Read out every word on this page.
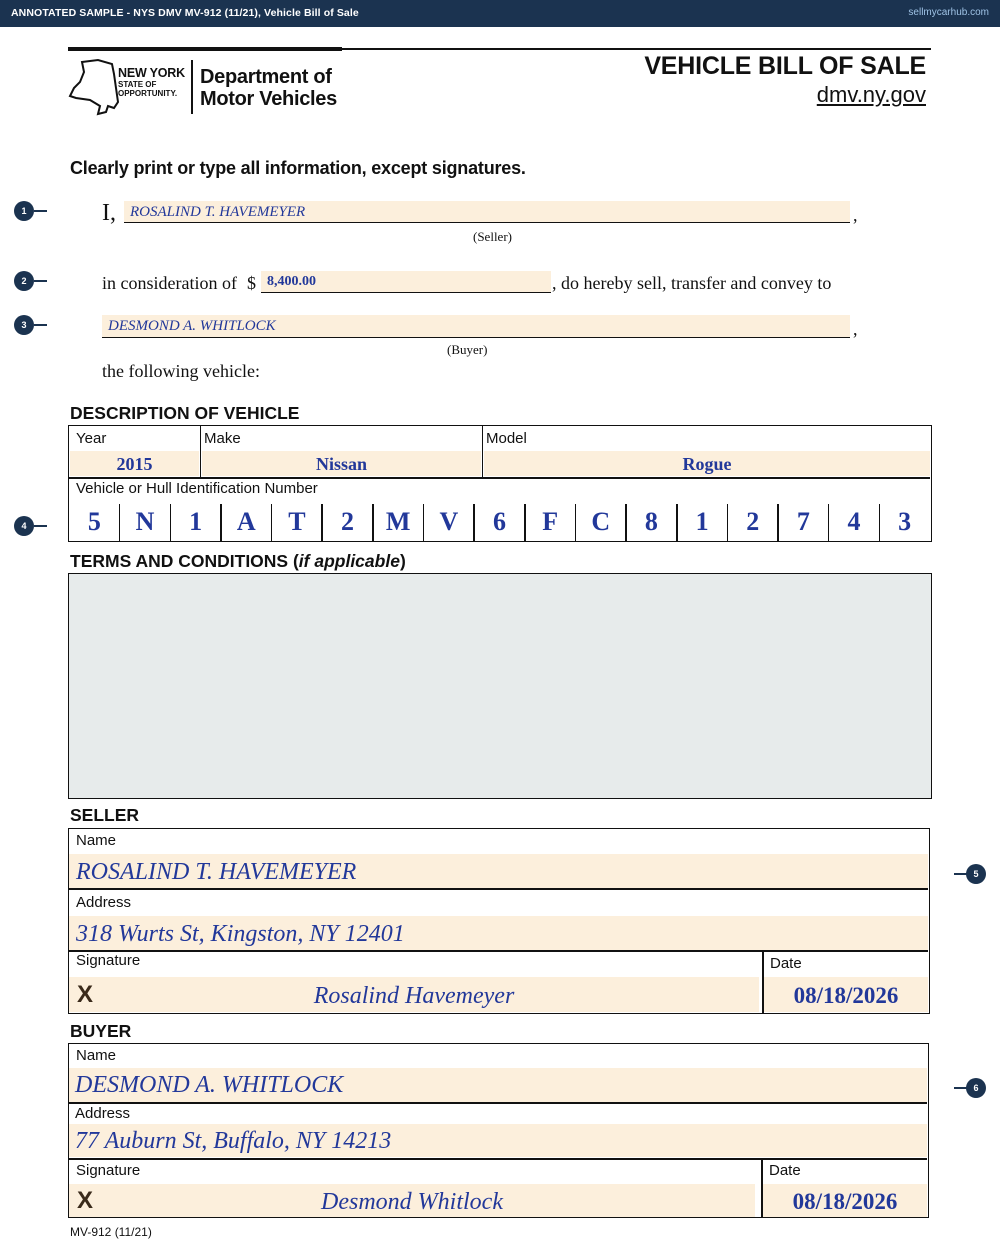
ANNOTATED SAMPLE - NYS DMV MV-912 (11/21), Vehicle Bill of Sale	sellmycarhub.com
NEW YORK
STATE OF
OPPORTUNITY.
Department of
Motor Vehicles
VEHICLE BILL OF SALE
dmv.ny.gov
Clearly print or type all information, except signatures.
1
2
3
4
5
6
I, ROSALIND T. HAVEMEYER	,
(Seller)
in consideration of $ 8,400.00	, do hereby sell, transfer and convey to
DESMOND A. WHITLOCK	,
(Buyer)
the following vehicle:
DESCRIPTION OF VEHICLE
Year
2015
Make
Nissan
Model
Rogue
Vehicle or Hull Identification Number
5	N	1	A	T	2	M	V	6	F	C	8	1	2	7	4	3
TERMS AND CONDITIONS (if applicable)
SELLER
Name
ROSALIND T. HAVEMEYER
Address
318 Wurts St, Kingston, NY 12401
Signature
X	Rosalind Havemeyer
Date
08/18/2026
BUYER
Name
DESMOND A. WHITLOCK
Address
77 Auburn St, Buffalo, NY 14213
Signature
X	Desmond Whitlock
Date
08/18/2026
MV-912 (11/21)
